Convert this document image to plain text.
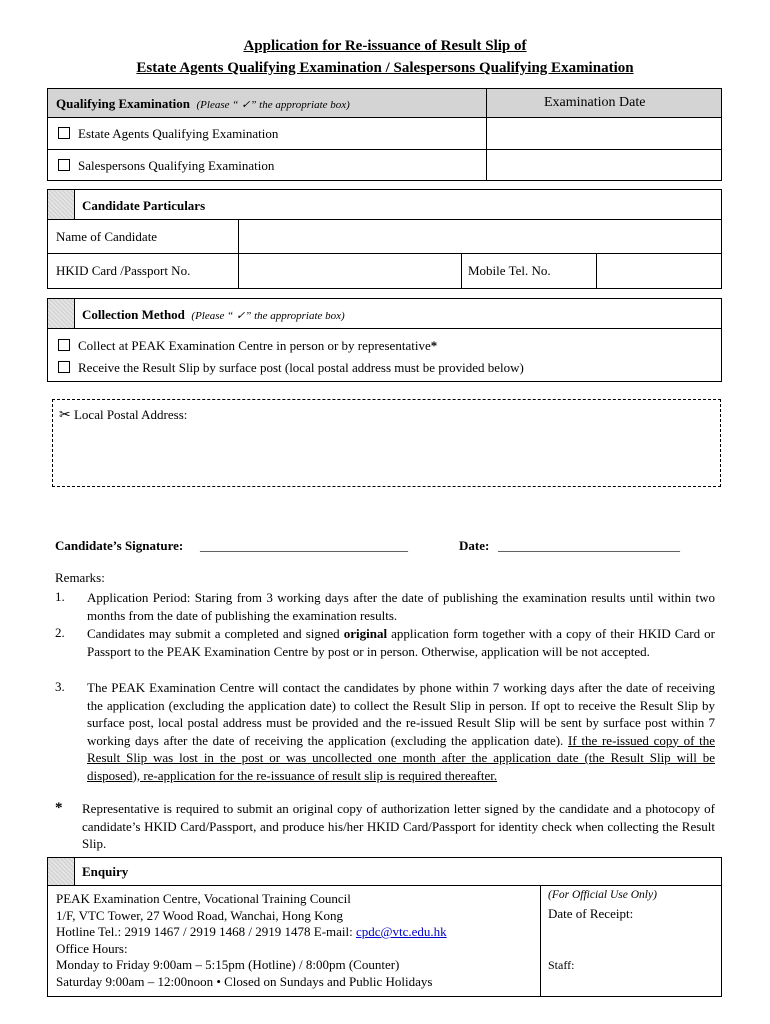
Application for Re-issuance of Result Slip of
Estate Agents Qualifying Examination / Salespersons Qualifying Examination
Qualifying Examination (Please “ ✓” the appropriate box)	Examination Date
Estate Agents Qualifying Examination
Salespersons Qualifying Examination
Candidate Particulars
Name of Candidate
HKID Card /Passport No.	Mobile Tel. No.
Collection Method (Please “ ✓” the appropriate box)
Collect at PEAK Examination Centre in person or by representative*
Receive the Result Slip by surface post (local postal address must be provided below)
✂ Local Postal Address:
Candidate’s Signature: ________________________________	Date: ____________________________
Remarks:
1. Application Period: Staring from 3 working days after the date of publishing the examination results until within two months from the date of publishing the examination results.
2. Candidates may submit a completed and signed original application form together with a copy of their HKID Card or Passport to the PEAK Examination Centre by post or in person. Otherwise, application will be not accepted.
3. The PEAK Examination Centre will contact the candidates by phone within 7 working days after the date of receiving the application (excluding the application date) to collect the Result Slip in person. If opt to receive the Result Slip by surface post, local postal address must be provided and the re-issued Result Slip will be sent by surface post within 7 working days after the date of receiving the application (excluding the application date). If the re-issued copy of the Result Slip was lost in the post or was uncollected one month after the application date (the Result Slip will be disposed), re-application for the re-issuance of result slip is required thereafter.
* Representative is required to submit an original copy of authorization letter signed by the candidate and a photocopy of candidate’s HKID Card/Passport, and produce his/her HKID Card/Passport for identity check when collecting the Result Slip.
Enquiry
PEAK Examination Centre, Vocational Training Council
1/F, VTC Tower, 27 Wood Road, Wanchai, Hong Kong
Hotline Tel.: 2919 1467 / 2919 1468 / 2919 1478 E-mail: cpdc@vtc.edu.hk
Office Hours:
Monday to Friday 9:00am – 5:15pm (Hotline) / 8:00pm (Counter)
Saturday 9:00am – 12:00noon • Closed on Sundays and Public Holidays
(For Official Use Only)
Date of Receipt:
Staff:
